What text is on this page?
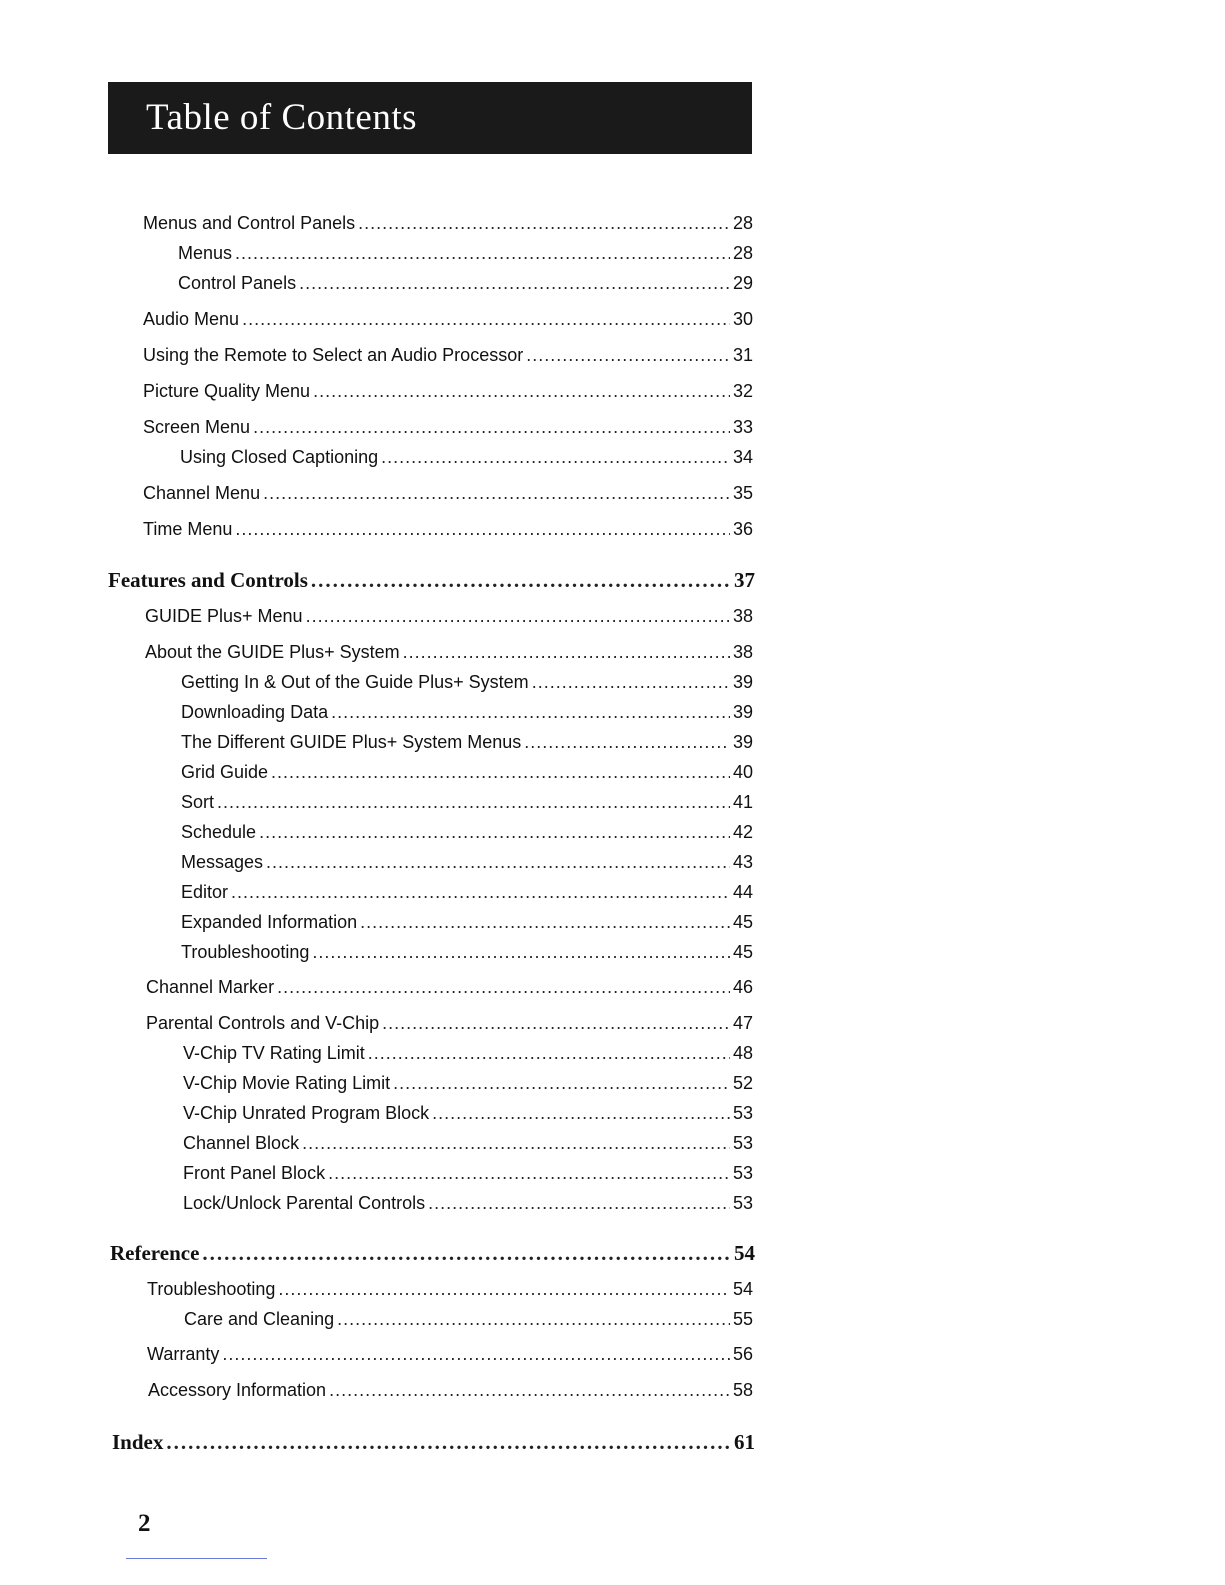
Table of Contents
Menus and Control Panels .....	28
Menus .....	28
Control Panels .....	29
Audio Menu .....	30
Using the Remote to Select an Audio Processor .....	31
Picture Quality Menu .....	32
Screen Menu .....	33
Using Closed Captioning .....	34
Channel Menu .....	35
Time Menu .....	36
Features and Controls .....	37
GUIDE Plus+ Menu .....	38
About the GUIDE Plus+ System .....	38
Getting In & Out of the Guide Plus+ System .....	39
Downloading Data .....	39
The Different GUIDE Plus+ System Menus .....	39
Grid Guide .....	40
Sort .....	41
Schedule .....	42
Messages .....	43
Editor .....	44
Expanded Information .....	45
Troubleshooting .....	45
Channel Marker .....	46
Parental Controls and V-Chip .....	47
V-Chip TV Rating Limit .....	48
V-Chip Movie Rating Limit .....	52
V-Chip Unrated Program Block .....	53
Channel Block .....	53
Front Panel Block .....	53
Lock/Unlock Parental Controls .....	53
Reference .....	54
Troubleshooting .....	54
Care and Cleaning .....	55
Warranty .....	56
Accessory Information .....	58
Index .....	61
2
